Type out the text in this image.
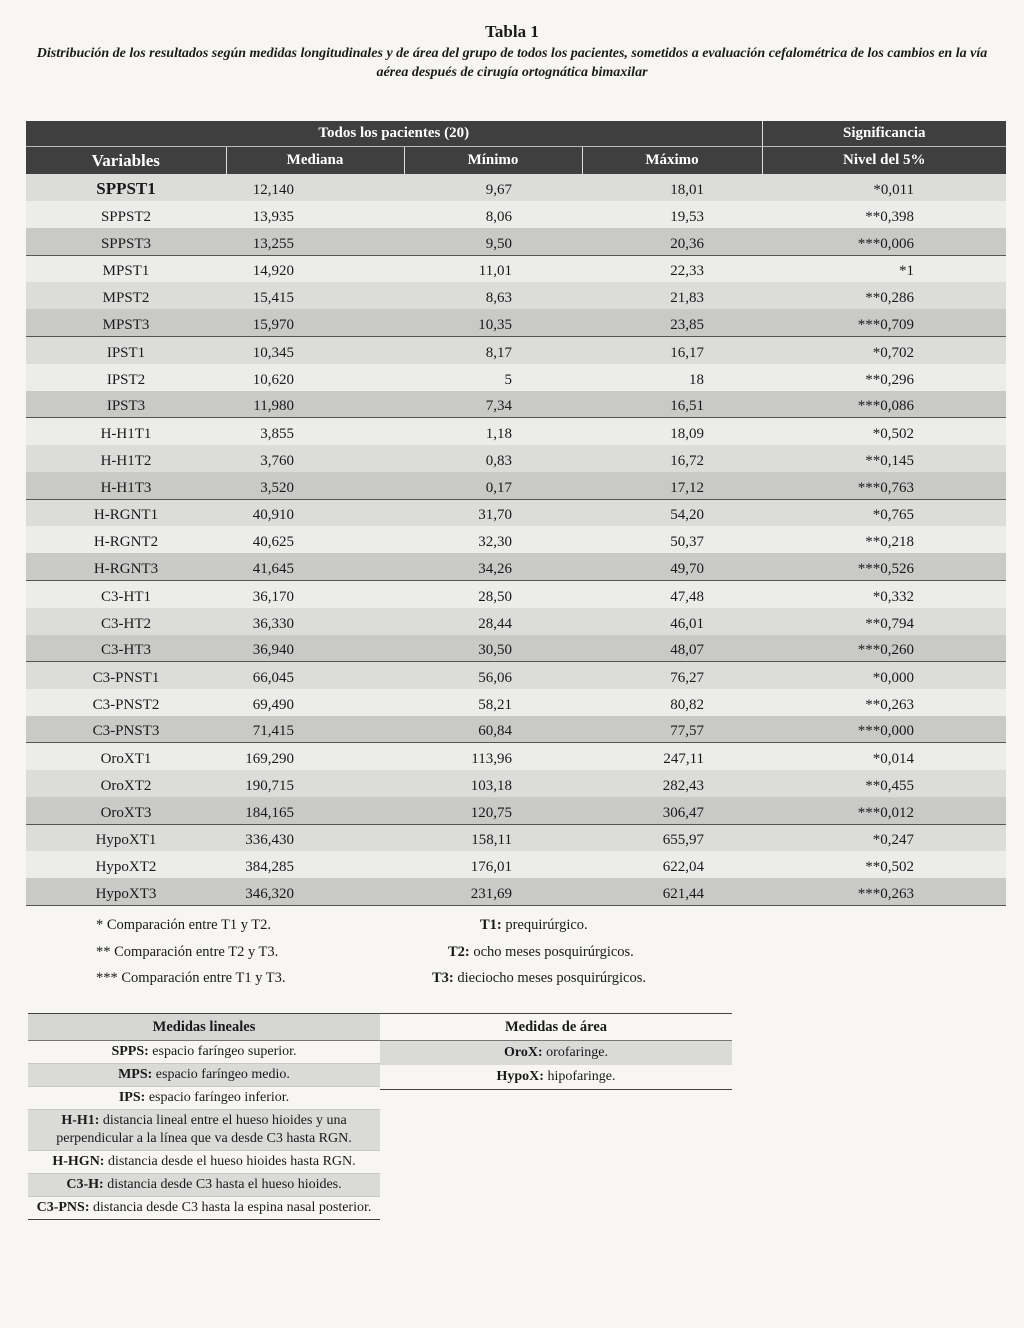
Tabla 1
Distribución de los resultados según medidas longitudinales y de área del grupo de todos los pacientes, sometidos a evaluación cefalométrica de los cambios en la vía aérea después de cirugía ortognática bimaxilar
Todos los pacientes (20)				Significancia
Variables	Mediana	Mínimo	Máximo	Nivel del 5%
SPPST1	12,140	9,67	18,01	*0,011
SPPST2	13,935	8,06	19,53	**0,398
SPPST3	13,255	9,50	20,36	***0,006
MPST1	14,920	11,01	22,33	*1
MPST2	15,415	8,63	21,83	**0,286
MPST3	15,970	10,35	23,85	***0,709
IPST1	10,345	8,17	16,17	*0,702
IPST2	10,620	5	18	**0,296
IPST3	11,980	7,34	16,51	***0,086
H-H1T1	3,855	1,18	18,09	*0,502
H-H1T2	3,760	0,83	16,72	**0,145
H-H1T3	3,520	0,17	17,12	***0,763
H-RGNT1	40,910	31,70	54,20	*0,765
H-RGNT2	40,625	32,30	50,37	**0,218
H-RGNT3	41,645	34,26	49,70	***0,526
C3-HT1	36,170	28,50	47,48	*0,332
C3-HT2	36,330	28,44	46,01	**0,794
C3-HT3	36,940	30,50	48,07	***0,260
C3-PNST1	66,045	56,06	76,27	*0,000
C3-PNST2	69,490	58,21	80,82	**0,263
C3-PNST3	71,415	60,84	77,57	***0,000
OroXT1	169,290	113,96	247,11	*0,014
OroXT2	190,715	103,18	282,43	**0,455
OroXT3	184,165	120,75	306,47	***0,012
HypoXT1	336,430	158,11	655,97	*0,247
HypoXT2	384,285	176,01	622,04	**0,502
HypoXT3	346,320	231,69	621,44	***0,263
* Comparación entre T1 y T2.
** Comparación entre T2 y T3.
*** Comparación entre T1 y T3.
T1: prequirúrgico.
T2: ocho meses posquirúrgicos.
T3: dieciocho meses posquirúrgicos.
Medidas lineales
SPPS: espacio faríngeo superior.
MPS: espacio faríngeo medio.
IPS: espacio faríngeo inferior.
H-H1: distancia lineal entre el hueso hioides y una perpendicular a la línea que va desde C3 hasta RGN.
H-HGN: distancia desde el hueso hioides hasta RGN.
C3-H: distancia desde C3 hasta el hueso hioides.
C3-PNS: distancia desde C3 hasta la espina nasal posterior.
Medidas de área
OroX: orofaringe.
HypoX: hipofaringe.
